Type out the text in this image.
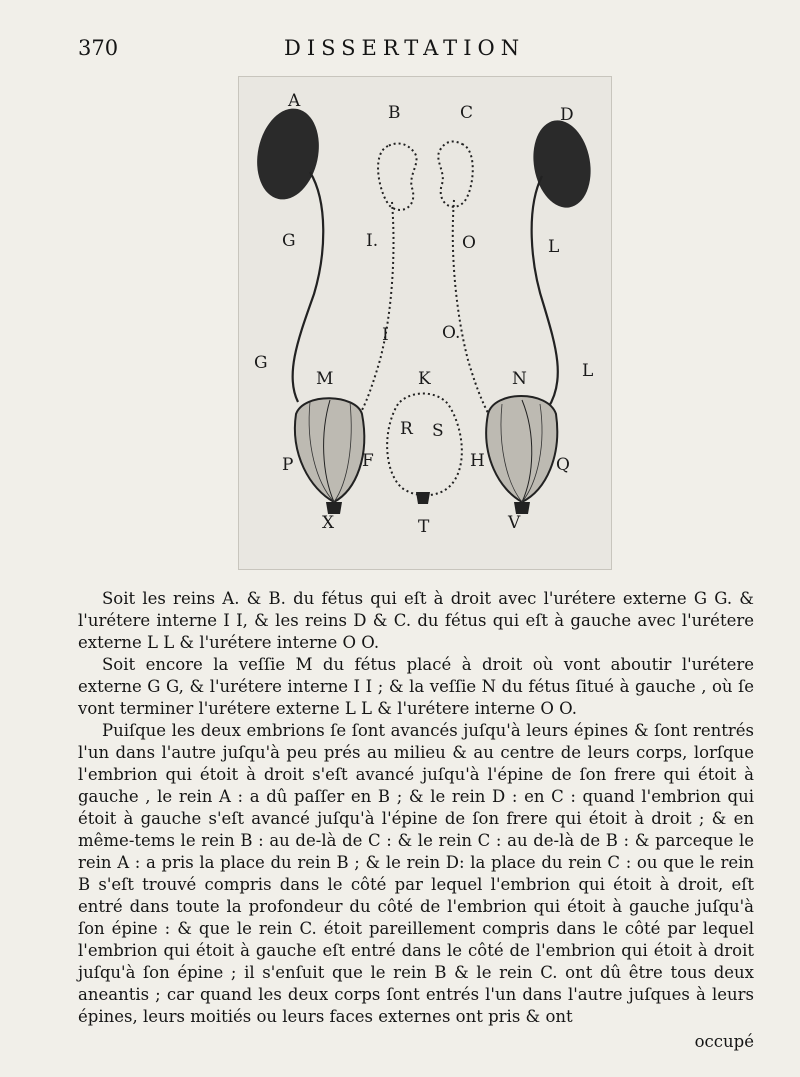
370	DISSERTATION
A
B	C	D
G	I.	O	L
I	O.
G
M	K	N	L
R S
F	H
P	Q
X	T	V

Soit les reins A. & B. du fétus qui eſt à droit avec l'urétere externe G G. & l'urétere interne I I, & les reins D & C. du fétus qui eſt à gauche avec l'urétere externe L L & l'urétere interne O O.

Soit encore la veſſie M du fétus placé à droit où vont aboutir l'urétere externe G G, & l'urétere interne I I ; & la veſſie N du fétus ſitué à gauche , où ſe vont terminer l'urétere externe L L & l'urétere interne O O.

Puiſque les deux embrions ſe ſont avancés juſqu'à leurs épines & ſont rentrés l'un dans l'autre juſqu'à peu prés au milieu & au centre de leurs corps, lorſque l'embrion qui étoit à droit s'eſt avancé juſqu'à l'épine de ſon frere qui étoit à gauche , le rein A : a dû paſſer en B ; & le rein D : en C : quand l'embrion qui étoit à gauche s'eſt avancé juſqu'à l'épine de ſon frere qui étoit à droit ; & en même-tems le rein B : au de-là de C : & le rein C : au de-là de B : & parceque le rein A : a pris la place du rein B ; & le rein D: la place du rein C : ou que le rein B s'eſt trouvé compris dans le côté par lequel l'embrion qui étoit à droit, eſt entré dans toute la profondeur du côté de l'embrion qui étoit à gauche juſqu'à ſon épine : & que le rein C. étoit pareillement compris dans le côté par lequel l'embrion qui étoit à gauche eſt entré dans le côté de l'embrion qui étoit à droit juſqu'à ſon épine ; il s'enſuit que le rein B & le rein C. ont dû être tous deux aneantis ; car quand les deux corps ſont entrés l'un dans l'autre juſques à leurs épines, leurs moitiés ou leurs faces externes ont pris & ont

occupé
